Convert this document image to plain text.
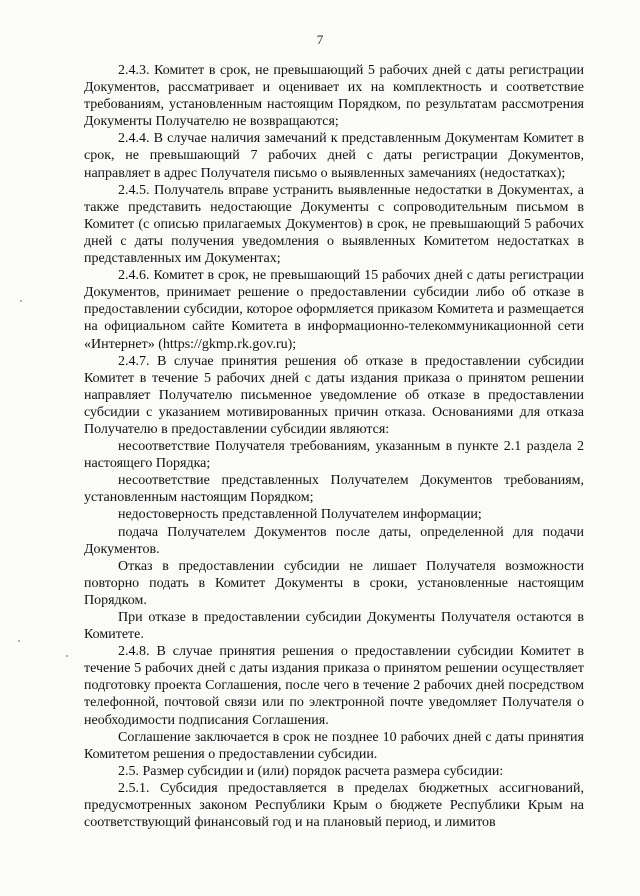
7

2.4.3. Комитет в срок, не превышающий 5 рабочих дней с даты регистрации Документов, рассматривает и оценивает их на комплектность и соответствие требованиям, установленным настоящим Порядком, по результатам рассмотрения Документы Получателю не возвращаются;

2.4.4. В случае наличия замечаний к представленным Документам Комитет в срок, не превышающий 7 рабочих дней с даты регистрации Документов, направляет в адрес Получателя письмо о выявленных замечаниях (недостатках);

2.4.5. Получатель вправе устранить выявленные недостатки в Документах, а также представить недостающие Документы с сопроводительным письмом в Комитет (с описью прилагаемых Документов) в срок, не превышающий 5 рабочих дней с даты получения уведомления о выявленных Комитетом недостатках в представленных им Документах;

2.4.6. Комитет в срок, не превышающий 15 рабочих дней с даты регистрации Документов, принимает решение о предоставлении субсидии либо об отказе в предоставлении субсидии, которое оформляется приказом Комитета и размещается на официальном сайте Комитета в информационно-телекоммуникационной сети «Интернет» (https://gkmp.rk.gov.ru);

2.4.7. В случае принятия решения об отказе в предоставлении субсидии Комитет в течение 5 рабочих дней с даты издания приказа о принятом решении направляет Получателю письменное уведомление об отказе в предоставлении субсидии с указанием мотивированных причин отказа. Основаниями для отказа Получателю в предоставлении субсидии являются:

несоответствие Получателя требованиям, указанным в пункте 2.1 раздела 2 настоящего Порядка;

несоответствие представленных Получателем Документов требованиям, установленным настоящим Порядком;

недостоверность представленной Получателем информации;

подача Получателем Документов после даты, определенной для подачи Документов.

Отказ в предоставлении субсидии не лишает Получателя возможности повторно подать в Комитет Документы в сроки, установленные настоящим Порядком.

При отказе в предоставлении субсидии Документы Получателя остаются в Комитете.

2.4.8. В случае принятия решения о предоставлении субсидии Комитет в течение 5 рабочих дней с даты издания приказа о принятом решении осуществляет подготовку проекта Соглашения, после чего в течение 2 рабочих дней посредством телефонной, почтовой связи или по электронной почте уведомляет Получателя о необходимости подписания Соглашения.

Соглашение заключается в срок не позднее 10 рабочих дней с даты принятия Комитетом решения о предоставлении субсидии.

2.5. Размер субсидии и (или) порядок расчета размера субсидии:

2.5.1. Субсидия предоставляется в пределах бюджетных ассигнований, предусмотренных законом Республики Крым о бюджете Республики Крым на соответствующий финансовый год и на плановый период, и лимитов
